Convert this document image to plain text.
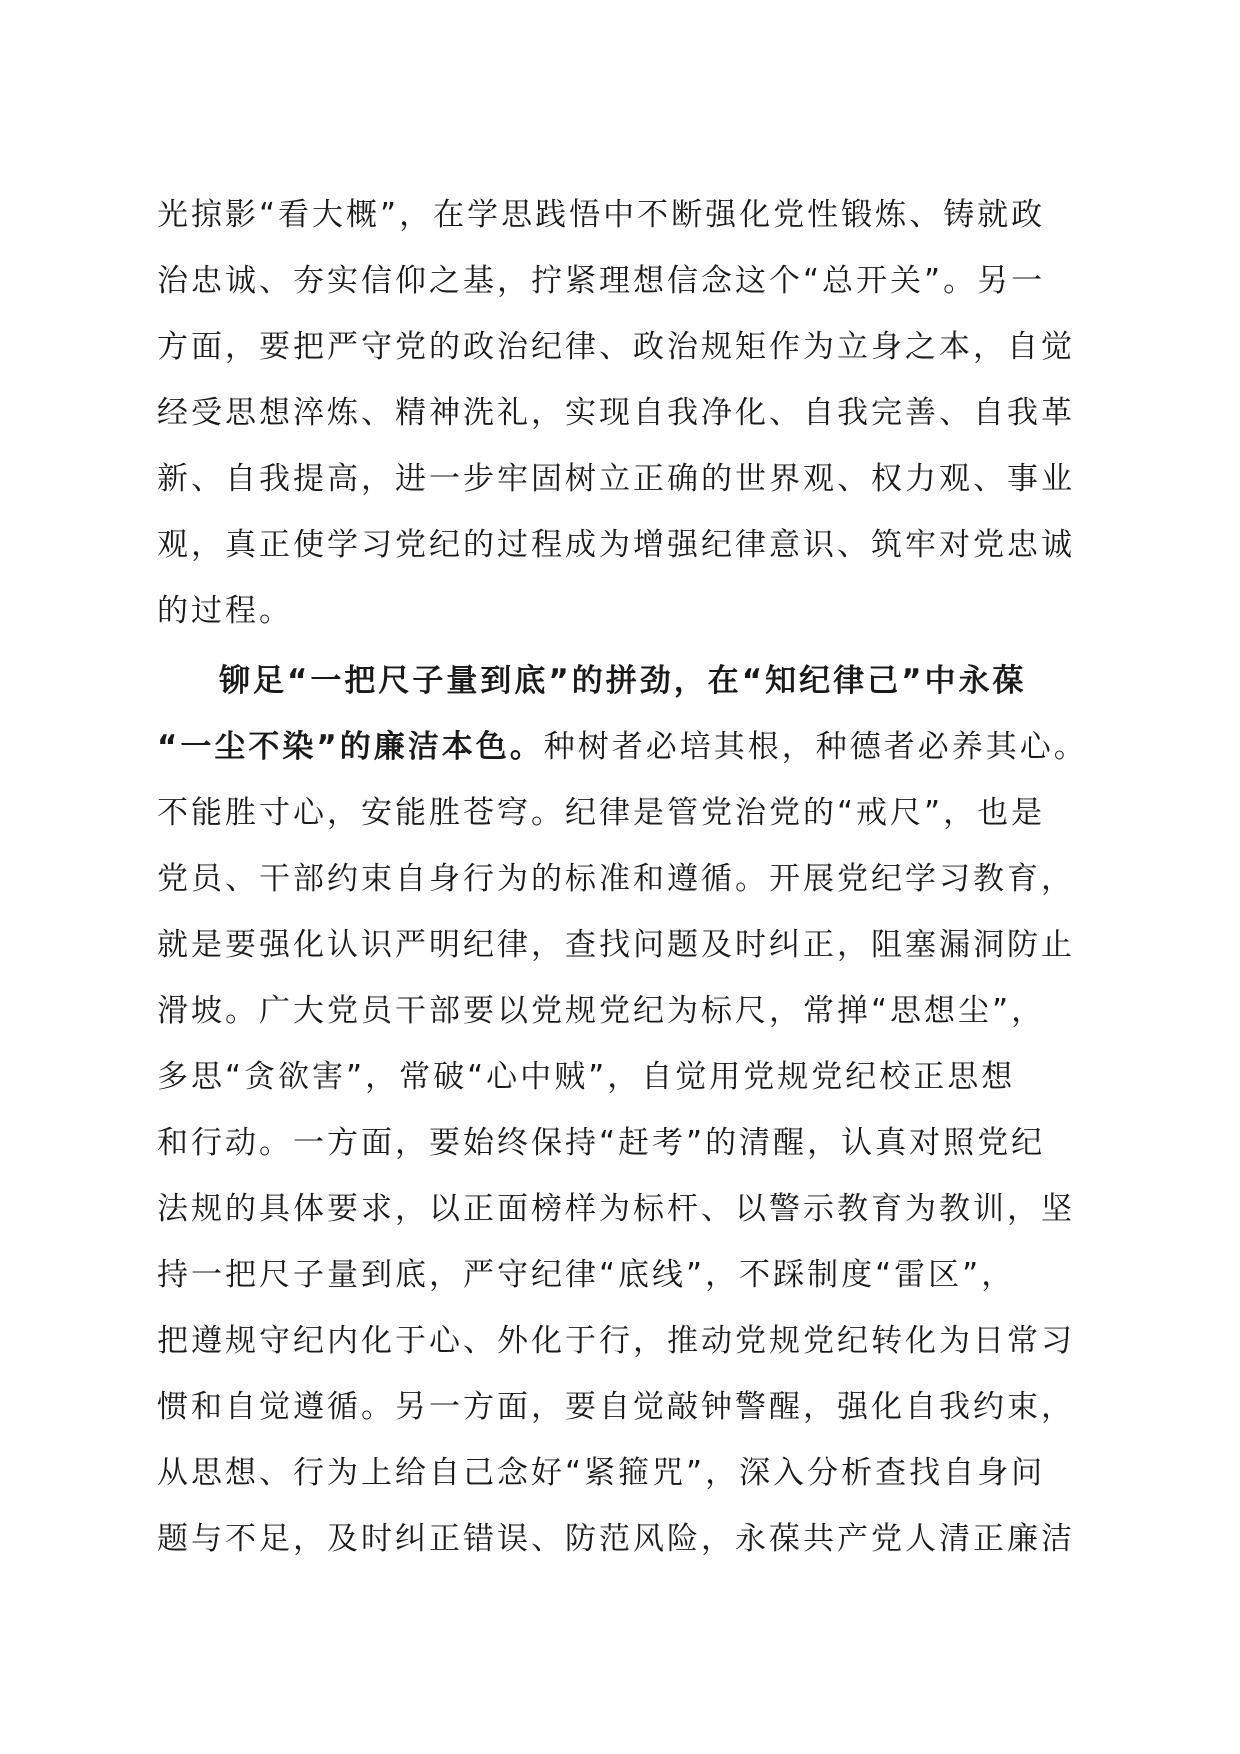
光掠影“看大概”，在学思践悟中不断强化党性锻炼、铸就政
治忠诚、夯实信仰之基，拧紧理想信念这个“总开关”。另一
方面，要把严守党的政治纪律、政治规矩作为立身之本，自觉
经受思想淬炼、精神洗礼，实现自我净化、自我完善、自我革
新、自我提高，进一步牢固树立正确的世界观、权力观、事业
观，真正使学习党纪的过程成为增强纪律意识、筑牢对党忠诚
的过程。
铆足“一把尺子量到底”的拼劲，在“知纪律己”中永葆
“一尘不染”的廉洁本色。种树者必培其根，种德者必养其心。
不能胜寸心，安能胜苍穹。纪律是管党治党的“戒尺”，也是
党员、干部约束自身行为的标准和遵循。开展党纪学习教育，
就是要强化认识严明纪律，查找问题及时纠正，阻塞漏洞防止
滑坡。广大党员干部要以党规党纪为标尺，常掸“思想尘”，
多思“贪欲害”，常破“心中贼”，自觉用党规党纪校正思想
和行动。一方面，要始终保持“赶考”的清醒，认真对照党纪
法规的具体要求，以正面榜样为标杆、以警示教育为教训，坚
持一把尺子量到底，严守纪律“底线”，不踩制度“雷区”，
把遵规守纪内化于心、外化于行，推动党规党纪转化为日常习
惯和自觉遵循。另一方面，要自觉敲钟警醒，强化自我约束，
从思想、行为上给自己念好“紧箍咒”，深入分析查找自身问
题与不足，及时纠正错误、防范风险，永葆共产党人清正廉洁
